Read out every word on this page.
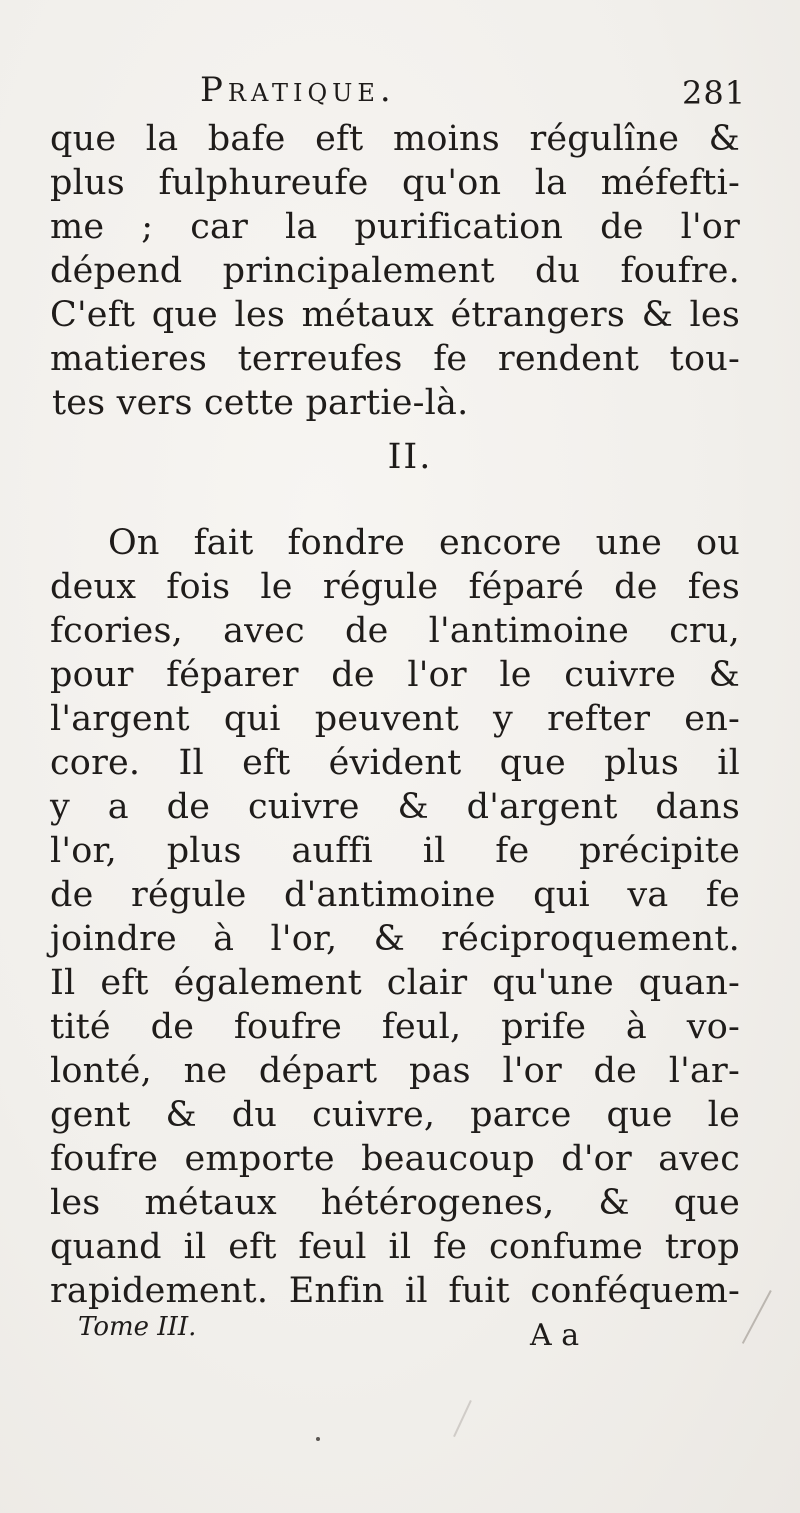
Pratique.	281
que la bafe eft moins régulîne &
plus fulphureufe qu'on la méfefti-
me ; car la purification de l'or
dépend principalement du foufre.
C'eft que les métaux étrangers & les
matieres terreufes fe rendent tou-
tes vers cette partie-là.
II.
On fait fondre encore une ou
deux fois le régule féparé de fes
fcories, avec de l'antimoine cru,
pour féparer de l'or le cuivre &
l'argent qui peuvent y refter en-
core. Il eft évident que plus il
y a de cuivre & d'argent dans
l'or, plus auffi il fe précipite
de régule d'antimoine qui va fe
joindre à l'or, & réciproquement.
Il eft également clair qu'une quan-
tité de foufre feul, prife à vo-
lonté, ne départ pas l'or de l'ar-
gent & du cuivre, parce que le
foufre emporte beaucoup d'or avec
les métaux hétérogenes, & que
quand il eft feul il fe confume trop
rapidement. Enfin il fuit conféquem-
Tome III.	A a
